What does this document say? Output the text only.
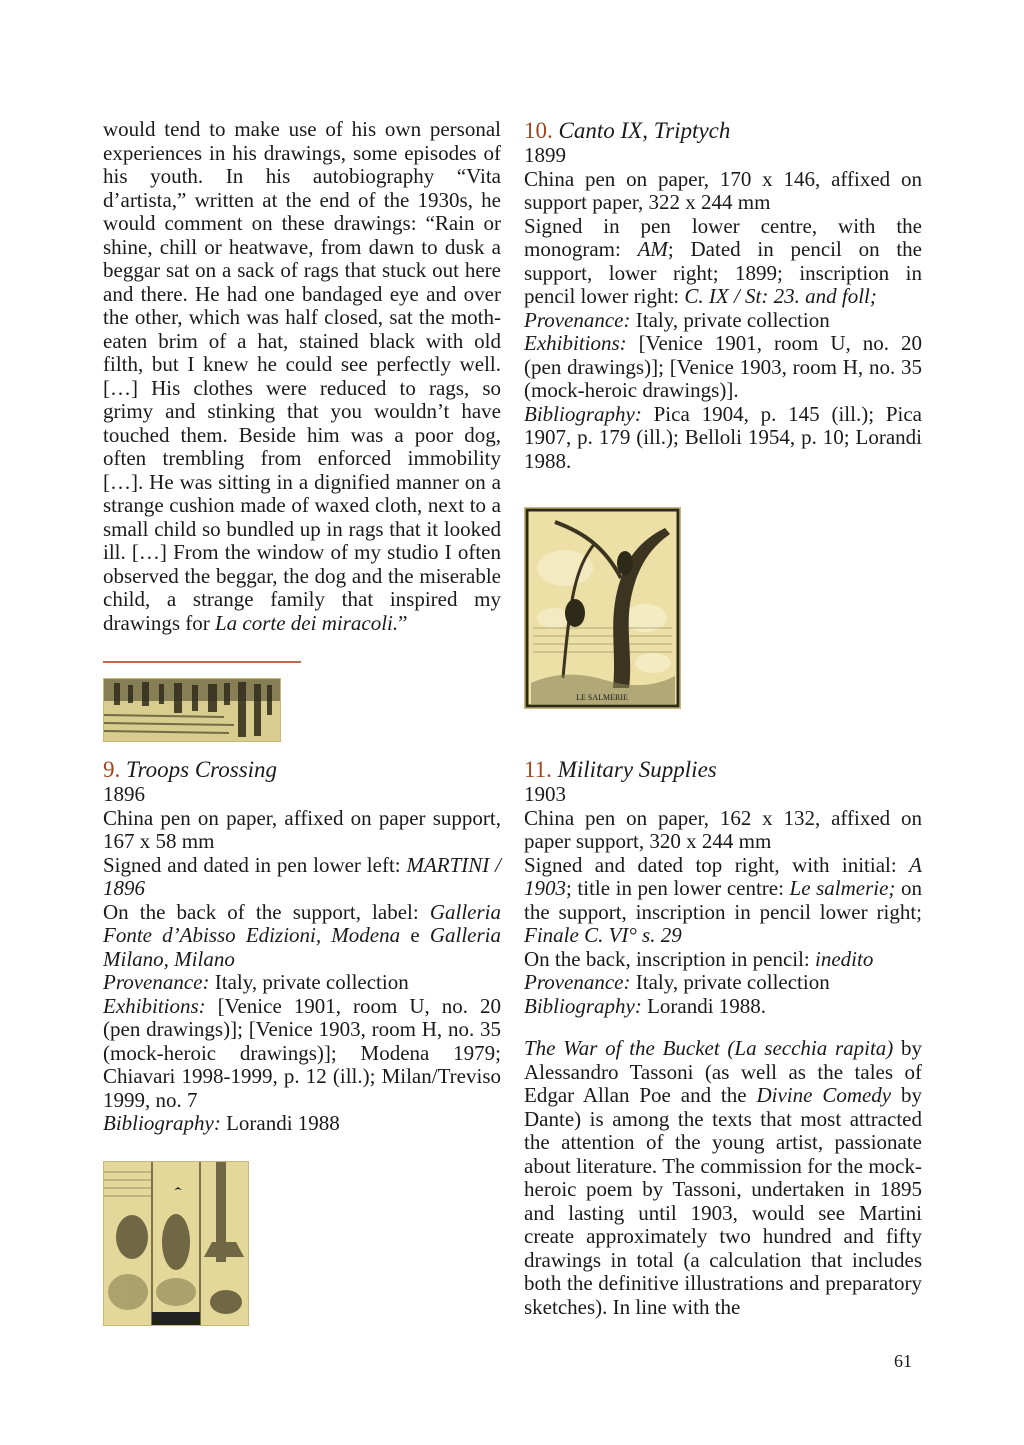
would tend to make use of his own personal experiences in his drawings, some episodes of his youth. In his autobiography “Vita d’artista,” written at the end of the 1930s, he would comment on these drawings: “Rain or shine, chill or heatwave, from dawn to dusk a beggar sat on a sack of rags that stuck out here and there. He had one bandaged eye and over the other, which was half closed, sat the moth-eaten brim of a hat, stained black with old filth, but I knew he could see perfectly well. […] His clothes were reduced to rags, so grimy and stinking that you wouldn’t have touched them. Beside him was a poor dog, often trembling from enforced immobility […]. He was sitting in a dignified manner on a strange cushion made of waxed cloth, next to a small child so bundled up in rags that it looked ill. […] From the window of my studio I often observed the beggar, the dog and the miserable child, a strange family that inspired my drawings for La corte dei miracoli.”

9. Troops Crossing
1896
China pen on paper, affixed on paper support, 167 x 58 mm
Signed and dated in pen lower left: MARTINI / 1896
On the back of the support, label: Galleria Fonte d’Abisso Edizioni, Modena e Galleria Milano, Milano
Provenance: Italy, private collection
Exhibitions: [Venice 1901, room U, no. 20 (pen drawings)]; [Venice 1903, room H, no. 35 (mock-heroic drawings)]; Modena 1979; Chiavari 1998-1999, p. 12 (ill.); Milan/Treviso 1999, no. 7
Bibliography: Lorandi 1988
10. Canto IX, Triptych
1899
China pen on paper, 170 x 146, affixed on support paper, 322 x 244 mm
Signed in pen lower centre, with the monogram: AM; Dated in pencil on the support, lower right; 1899; inscription in pencil lower right: C. IX / St: 23. and foll;
Provenance: Italy, private collection
Exhibitions: [Venice 1901, room U, no. 20 (pen drawings)]; [Venice 1903, room H, no. 35 (mock-heroic drawings)].
Bibliography: Pica 1904, p. 145 (ill.); Pica 1907, p. 179 (ill.); Belloli 1954, p. 10; Lorandi 1988.
LE SALMERIE
11. Military Supplies
1903
China pen on paper, 162 x 132, affixed on paper support, 320 x 244 mm
Signed and dated top right, with initial: A 1903; title in pen lower centre: Le salmerie; on the support, inscription in pencil lower right; Finale C. VI° s. 29
On the back, inscription in pencil: inedito
Provenance: Italy, private collection
Bibliography: Lorandi 1988.

The War of the Bucket (La secchia rapita) by Alessandro Tassoni (as well as the tales of Edgar Allan Poe and the Divine Comedy by Dante) is among the texts that most attracted the attention of the young artist, passionate about literature. The commission for the mock-heroic poem by Tassoni, undertaken in 1895 and lasting until 1903, would see Martini create approximately two hundred and fifty drawings in total (a calculation that includes both the definitive illustrations and preparatory sketches). In line with the

61
